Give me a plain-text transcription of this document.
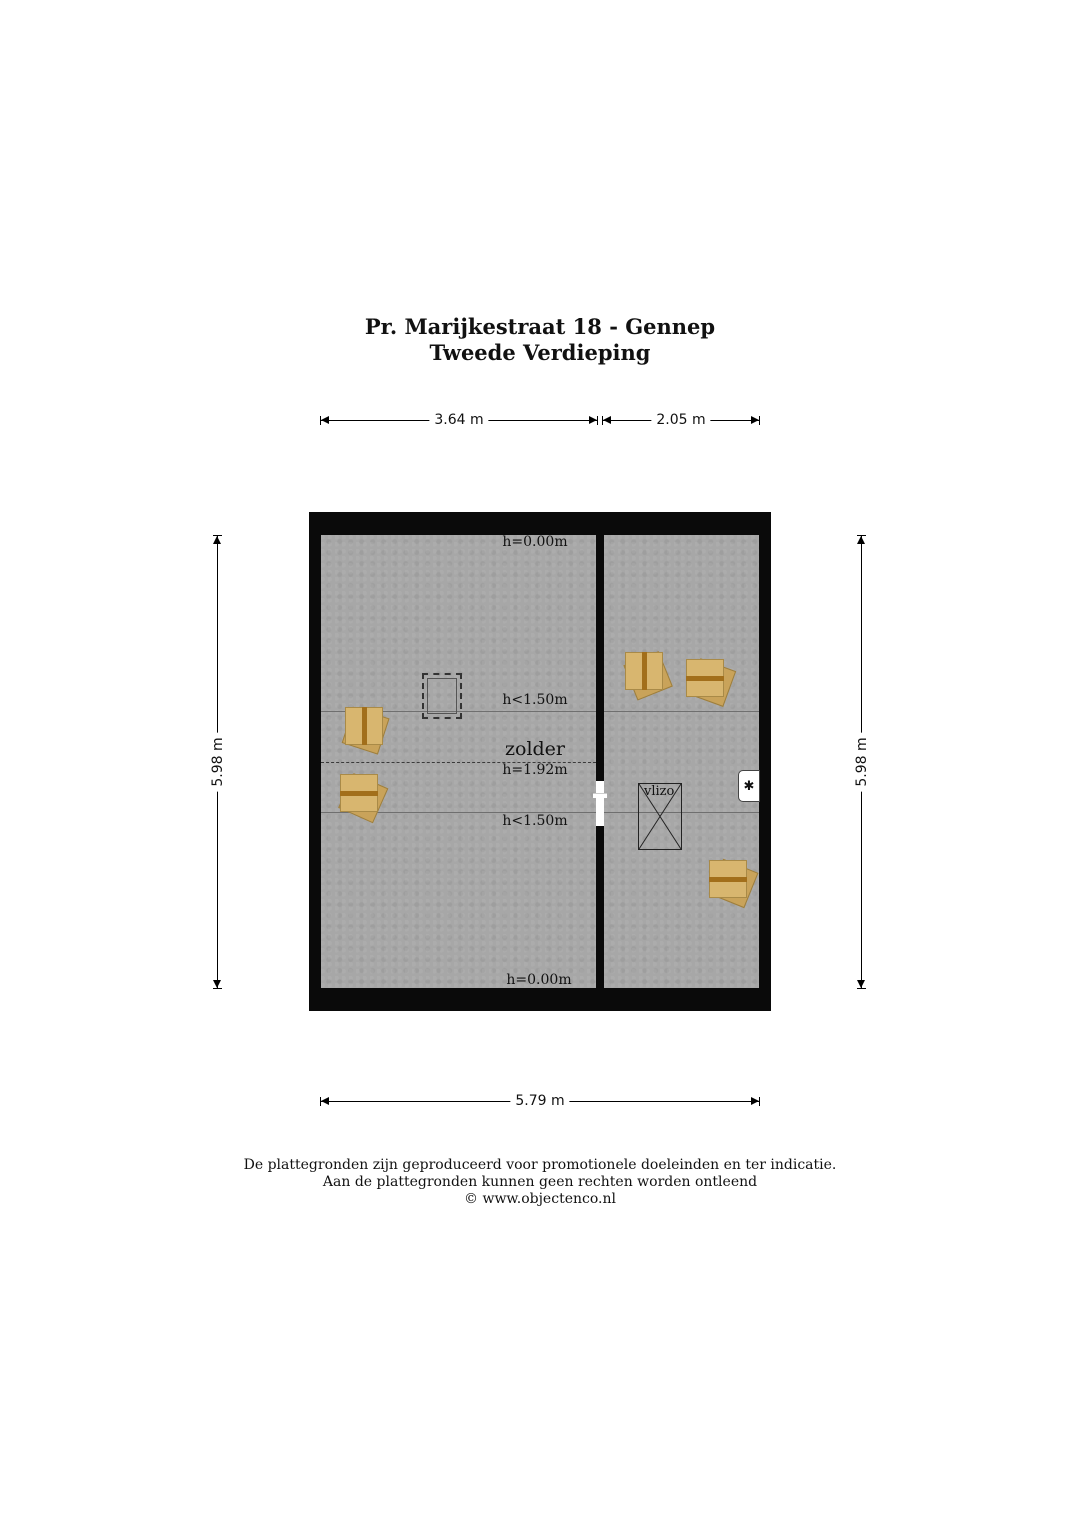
Pr. Marijkestraat 18 - Gennep
Tweede Verdieping
3.64 m	2.05 m
5.98 m	5.98 m
h=0.00m
h<1.50m
zolder
h=1.92m
h<1.50m
h=0.00m
vlizo	✱
5.79 m
De plattegronden zijn geproduceerd voor promotionele doeleinden en ter indicatie.
Aan de plattegronden kunnen geen rechten worden ontleend
© www.objectenco.nl
